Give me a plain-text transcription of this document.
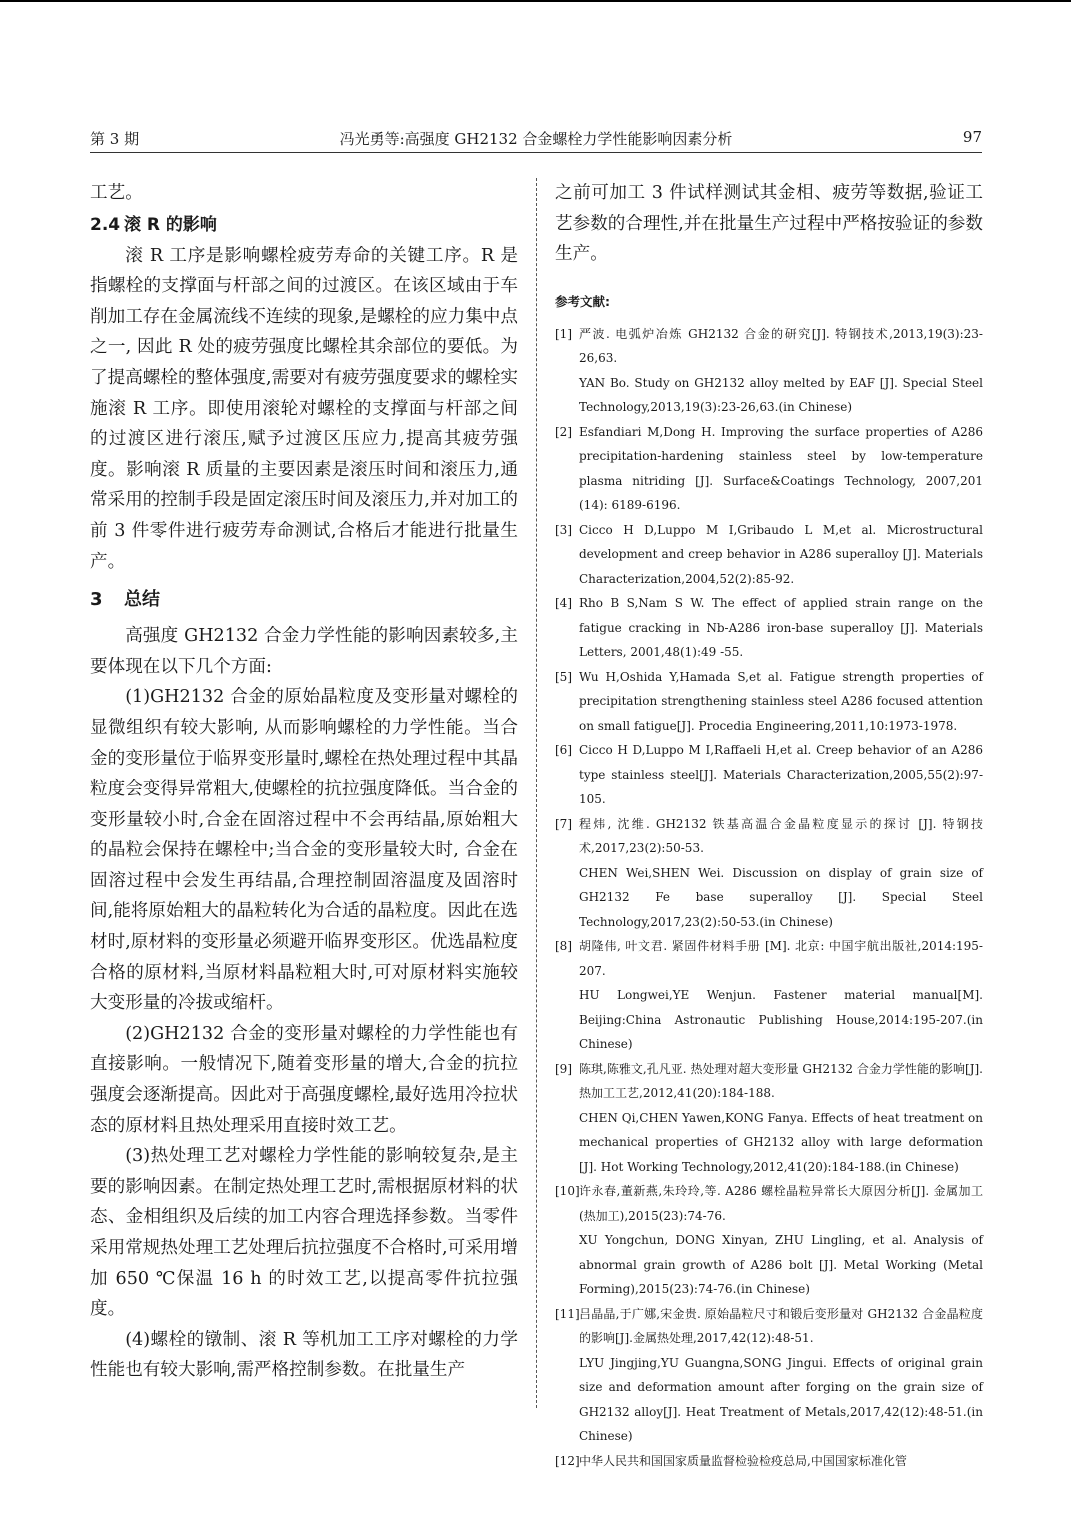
第 3 期	冯光勇等:高强度 GH2132 合金螺栓力学性能影响因素分析	97

工艺。

2.4 滚 R 的影响

滚 R 工序是影响螺栓疲劳寿命的关键工序。R 是指螺栓的支撑面与杆部之间的过渡区。在该区域由于车削加工存在金属流线不连续的现象,是螺栓的应力集中点之一, 因此 R 处的疲劳强度比螺栓其余部位的要低。为了提高螺栓的整体强度,需要对有疲劳强度要求的螺栓实施滚 R 工序。即使用滚轮对螺栓的支撑面与杆部之间的过渡区进行滚压,赋予过渡区压应力,提高其疲劳强度。影响滚 R 质量的主要因素是滚压时间和滚压力,通常采用的控制手段是固定滚压时间及滚压力,并对加工的前 3 件零件进行疲劳寿命测试,合格后才能进行批量生产。

3 总结

高强度 GH2132 合金力学性能的影响因素较多,主要体现在以下几个方面:

(1)GH2132 合金的原始晶粒度及变形量对螺栓的显微组织有较大影响, 从而影响螺栓的力学性能。当合金的变形量位于临界变形量时,螺栓在热处理过程中其晶粒度会变得异常粗大,使螺栓的抗拉强度降低。当合金的变形量较小时,合金在固溶过程中不会再结晶,原始粗大的晶粒会保持在螺栓中;当合金的变形量较大时, 合金在固溶过程中会发生再结晶,合理控制固溶温度及固溶时间,能将原始粗大的晶粒转化为合适的晶粒度。因此在选材时,原材料的变形量必须避开临界变形区。优选晶粒度合格的原材料,当原材料晶粒粗大时,可对原材料实施较大变形量的冷拔或缩杆。

(2)GH2132 合金的变形量对螺栓的力学性能也有直接影响。一般情况下,随着变形量的增大,合金的抗拉强度会逐渐提高。因此对于高强度螺栓,最好选用冷拉状态的原材料且热处理采用直接时效工艺。

(3)热处理工艺对螺栓力学性能的影响较复杂,是主要的影响因素。在制定热处理工艺时,需根据原材料的状态、金相组织及后续的加工内容合理选择参数。当零件采用常规热处理工艺处理后抗拉强度不合格时,可采用增加 650 ℃保温 16 h 的时效工艺,以提高零件抗拉强度。

(4)螺栓的镦制、滚 R 等机加工工序对螺栓的力学性能也有较大影响,需严格控制参数。在批量生产

之前可加工 3 件试样测试其金相、疲劳等数据,验证工艺参数的合理性,并在批量生产过程中严格按验证的参数生产。

参考文献:
[1] 严波. 电弧炉冶炼 GH2132 合金的研究[J]. 特钢技术,2013,19(3):23-26,63.
YAN Bo. Study on GH2132 alloy melted by EAF [J]. Special Steel Technology,2013,19(3):23-26,63.(in Chinese)
[2] Esfandiari M,Dong H. Improving the surface properties of A286 precipitation-hardening stainless steel by low-temperature plasma nitriding [J]. Surface&Coatings Technology, 2007,201 (14): 6189-6196.
[3] Cicco H D,Luppo M I,Gribaudo L M,et al. Microstructural development and creep behavior in A286 superalloy [J]. Materials Characterization,2004,52(2):85-92.
[4] Rho B S,Nam S W. The effect of applied strain range on the fatigue cracking in Nb-A286 iron-base superalloy [J]. Materials Letters, 2001,48(1):49 -55.
[5] Wu H,Oshida Y,Hamada S,et al. Fatigue strength properties of precipitation strengthening stainless steel A286 focused attention on small fatigue[J]. Procedia Engineering,2011,10:1973-1978.
[6] Cicco H D,Luppo M I,Raffaeli H,et al. Creep behavior of an A286 type stainless steel[J]. Materials Characterization,2005,55(2):97-105.
[7] 程炜, 沈维. GH2132 铁基高温合金晶粒度显示的探讨 [J]. 特钢技术,2017,23(2):50-53.
CHEN Wei,SHEN Wei. Discussion on display of grain size of GH2132 Fe base superalloy [J]. Special Steel Technology,2017,23(2):50-53.(in Chinese)
[8] 胡隆伟, 叶文君. 紧固件材料手册 [M]. 北京: 中国宇航出版社,2014:195-207.
HU Longwei,YE Wenjun. Fastener material manual[M]. Beijing:China Astronautic Publishing House,2014:195-207.(in Chinese)
[9] 陈琪,陈雅文,孔凡亚. 热处理对超大变形量 GH2132 合金力学性能的影响[J]. 热加工工艺,2012,41(20):184-188.
CHEN Qi,CHEN Yawen,KONG Fanya. Effects of heat treatment on mechanical properties of GH2132 alloy with large deformation [J]. Hot Working Technology,2012,41(20):184-188.(in Chinese)
[10] 许永春,董新燕,朱玲玲,等. A286 螺栓晶粒异常长大原因分析[J]. 金属加工(热加工),2015(23):74-76.
XU Yongchun, DONG Xinyan, ZHU Lingling, et al. Analysis of abnormal grain growth of A286 bolt [J]. Metal Working (Metal Forming),2015(23):74-76.(in Chinese)
[11] 吕晶晶,于广娜,宋金贵. 原始晶粒尺寸和锻后变形量对 GH2132 合金晶粒度的影响[J].金属热处理,2017,42(12):48-51.
LYU Jingjing,YU Guangna,SONG Jingui. Effects of original grain size and deformation amount after forging on the grain size of GH2132 alloy[J]. Heat Treatment of Metals,2017,42(12):48-51.(in Chinese)
[12] 中华人民共和国国家质量监督检验检疫总局,中国国家标准化管
